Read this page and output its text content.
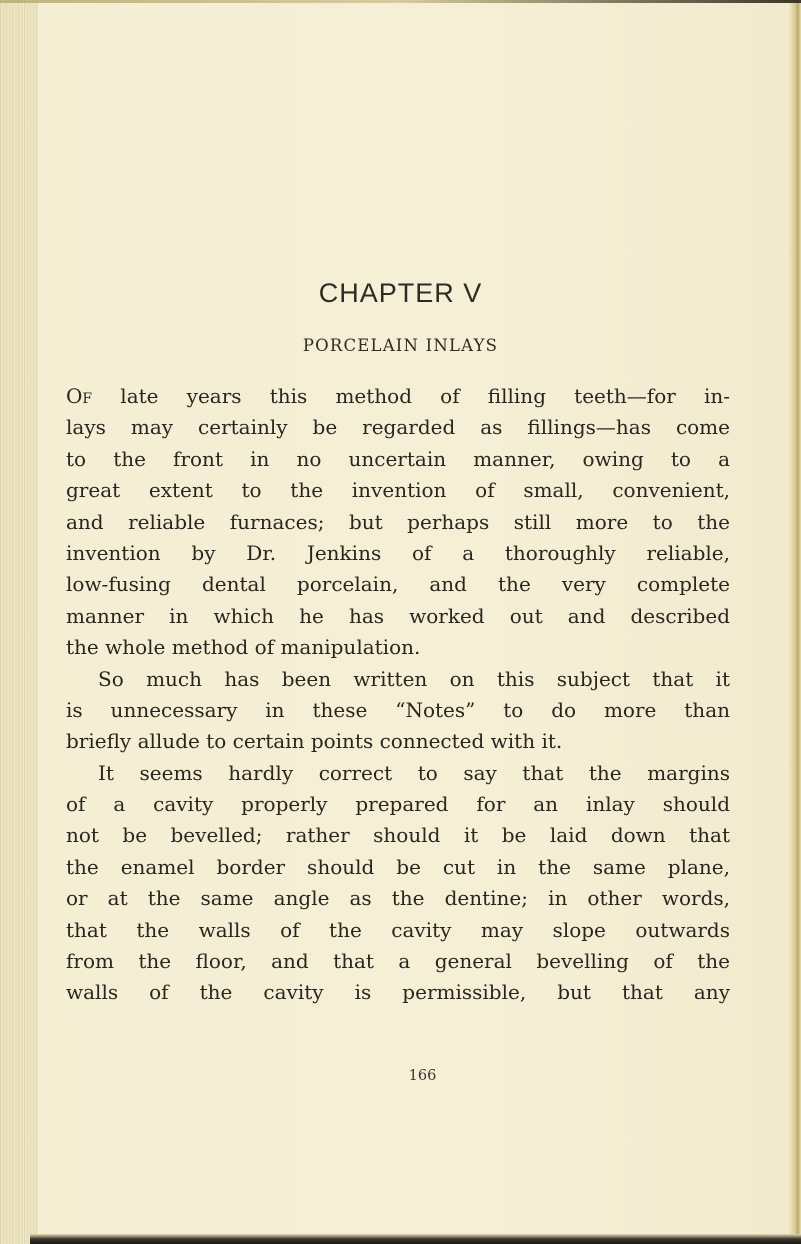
CHAPTER V
PORCELAIN INLAYS
Of late years this method of filling teeth—for in-
lays may certainly be regarded as fillings—has come
to the front in no uncertain manner, owing to a
great extent to the invention of small, convenient,
and reliable furnaces; but perhaps still more to the
invention by Dr. Jenkins of a thoroughly reliable,
low-fusing dental porcelain, and the very complete
manner in which he has worked out and described
the whole method of manipulation.
So much has been written on this subject that it
is unnecessary in these “Notes” to do more than
briefly allude to certain points connected with it.
It seems hardly correct to say that the margins
of a cavity properly prepared for an inlay should
not be bevelled; rather should it be laid down that
the enamel border should be cut in the same plane,
or at the same angle as the dentine; in other words,
that the walls of the cavity may slope outwards
from the floor, and that a general bevelling of the
walls of the cavity is permissible, but that any
166
